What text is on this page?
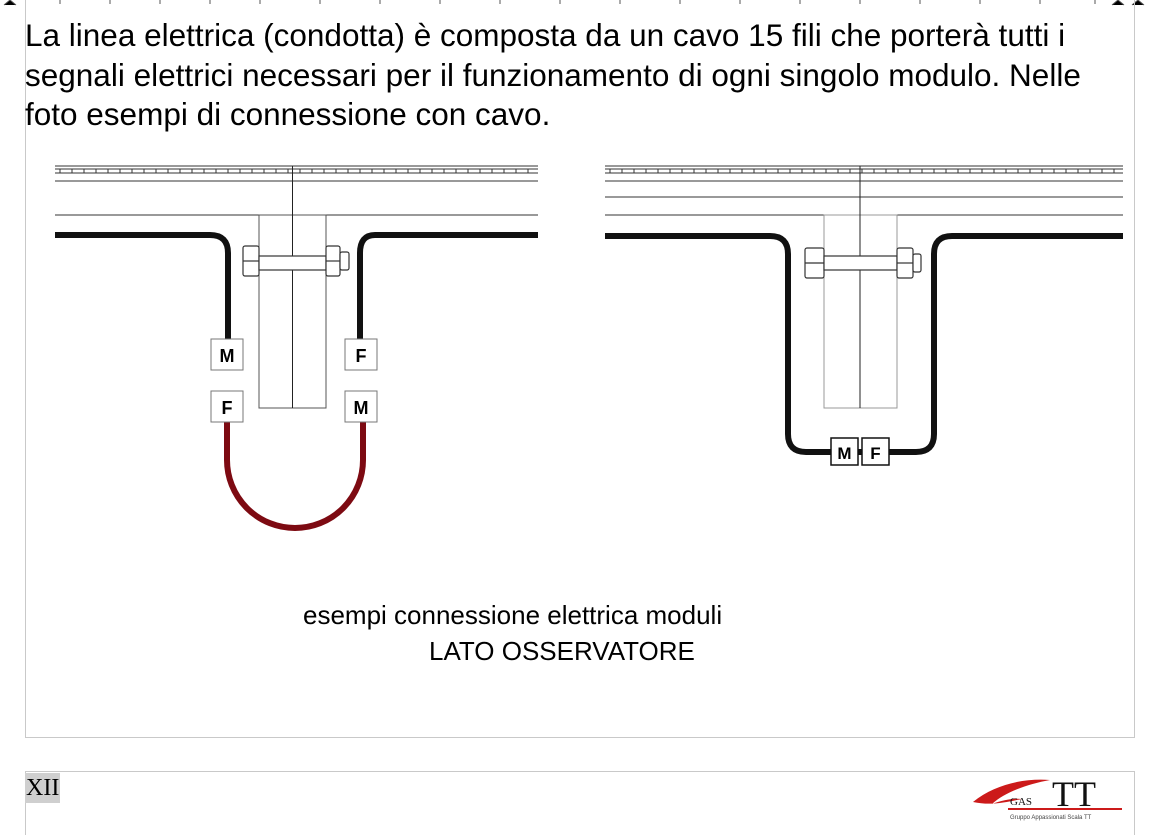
La linea elettrica (condotta) è composta da un cavo 15 fili che porterà tutti i segnali elettrici necessari per il funzionamento di ogni singolo modulo. Nelle foto esempi di connessione con cavo.

M	F
F	M
M F
esempi connessione elettrica moduli
LATO OSSERVATORE
XII
GAS TT
Gruppo Appassionati Scala TT
